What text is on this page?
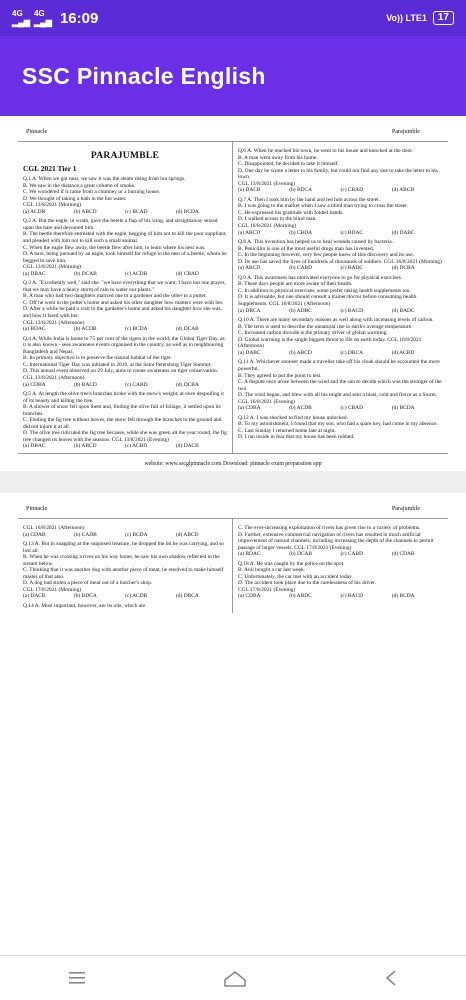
4G
▂▄▆
4G
▂▄▆ 16:09	Vo)) LTE1	17
SSC Pinnacle English
Pinnacle	Parajumble
PARAJUMBLE
CGL 2021 Tier 1

Q.1 A. When we got near, we saw it was the steam rising from hot springs.

B. We saw in the distance a great column of smoke.

C. We wondered if it came from a chimney or a burning house.

D. We thought of taking a bath in the hot water.

CGL 13/8/2021 (Morning)

(a) ACDB	(b) ABCD	(c) BCAD	(d) BCDA

Q.2 A. But the eagle, in wrath, gave the beetle a flap of his wing, and straightaway seized upon the hare and devoured him.

B. The beetle therefore entreated with the eagle, begging of him not to kill the poor suppliant, and pleaded with him not to kill such a small animal.

C. When the eagle flew away, the beetle flew after him, to learn where his nest was.

D. A hare, being pursued by an eagle, took himself for refuge to the nest of a beetle, whom he begged to save him.

CGL 13/8/2021 (Morning)

(a) DBAC	(b) DCAB	(c) ACDB	(d) CBAD

Q.3 A. "Excellently well," said she. "we have everything that we want; I have but one prayer, that we may have a heavy storm of rain to water our plants."

B. A man who had two daughters married one to a gardener and the other to a potter.

C. Off he went to the potter's home and asked his other daughter how matters were with her.

D. After a while he paid a visit to the gardener's home and asked his daughter how she was, and how it fared with her.

CGL 13/8/2021 (Afternoon)

(a) BDAC	(b) ACDB	(c) BCDA	(d) DCAB

Q.4 A. While India is home to 75 per cent of the tigers in the world, the Global Tiger Day, as it is also known - sees awareness events organised in the country, as well as in neighbouring Bangladesh and Nepal.

B. Its primary objective is to preserve the natural habitat of the tiger.

C. International Tiger Day was initiated in 2010, at the Saint Petersburg Tiger Summit.

D. This annual event observed on 29 July, aims to create awareness on tiger conservation. CGL 13/8/2021 (Afternoon)

(a) CDBA	(b) BACD	(c) CABD	(d) DCBA

Q.5 A. At length the olive tree's branches broke with the snow's weight, at once despoiling it of its beauty and killing the tree.

B. A shower of snow fell upon them and, finding the olive full of foliage, it settled upon its branches.

C. Finding the fig tree without leaves, the snow fell through the branches to the ground and did not injure it at all.

D. The olive tree ridiculed the fig tree because, while she was green all the year round, the fig tree changed its leaves with the seasons. CGL 13/8/2021 (Evening)

(a) DBAC	(b) ABCD	(c) ACBD	(d) DACB

Q.6 A. When he reached his town, he went to his house and knocked at the door.

B. A man went away from his home.

C. Disappointed, he decided to take it himself.

D. One day he wrote a letter to his family, but could not find any one to take the letter to his town.

CGL 13/8/2021 (Evening)

(a) DACB	(b) BDCA	(c) CBAD	(d) ABCD

Q.7 A. Then I took him by the hand and led him across the street.

B. I was going to the market when I saw a blind man trying to cross the street.

C. He expressed his gratitude with folded hands.

D. I walked across to the blind man.

CGL 16/8/2021 (Morning)

(a) ABCD	(b) CBDA	(c) BDAC	(d) DABC

Q.8 A. This invention has helped us to heal wounds caused by bacteria.

B. Penicillin is one of the most useful drugs man has invented.

C. In the beginning however, very few people knew of this discovery and its use.

D. Its use has saved the lives of hundreds of thousands of soldiers. CGL 16/8/2021 (Morning)

(a) ABCD	(b) CABD	(c) BADC	(d) DCBA

Q.9 A. This awareness has motivated everyone to go for physical exercises.

B. These days people are more aware of their health.

C. In addition to physical exercises, some prefer taking health supplements too.

D. It is advisable, but one should consult a trainer/doctor before consuming health Supplements. CGL 16/8/2021 (Afternoon)

(a) DBCA	(b) ADBC	(c) BACD	(d) BADC

Q.10 A. There are many secondary reasons as well along with increasing levels of carbon.

B. The term is used to describe the unnatural rise in earth's average temperature.

C. Increased carbon dioxide is the primary driver of global warming.

D. Global warming is the single biggest threat to life on earth today. CGL 16/8/2021 (Afternoon)

(a) DABC	(b) ABCD	(c) DBCA	(d) ACBD

Q.11 A. Whichever sooneer made a traveller take off his cloak should be accounted the more powerful.

B. They agreed to put the point to test.

C. A dispute once arose between the wind and the sun to decide which was the stronger of the two.

D. The wind began, and blew with all his might and sent a blast, cold and fierce as a Storm. CGL 16/8/2021 (Evening)

(a) CDBA	(b) ACDB	(c) CBAD	(d) BCDA

Q.12 A. I was shocked to find my house unlocked.

B. To my astonishment, I found that my son, who had a spare key, had come in my absence.

C. Last Sunday I returned home late at night.

D. I ran inside in fear that my house has been robbed.

website: www.sscglpinnacle.com Download: pinnacle exam preparation app
Pinnacle	Parajumble

CGL 16/8/2021 (Afternoon)

(a) CDAB	(b) CADB	(c) BCDA	(d) ABCD

Q.13 A. But in snapping at the supposed treasure, he dropped the bit he was carrying, and so lost all.

B. When he was crossing a river on his way home, he saw his own shadow reflected in the stream below.

C. Thinking that it was another dog with another piece of meat, he resolved to make himself master of that also.

D. A dog had stolen a piece of meat out of a butcher's shop.

CGL 17/8/2021 (Morning)

(a) DACB	(b) BDCA	(c) ACDB	(d) DBCA

Q.14 A. Most important, however, are its oils, which are

C. The ever-increasing exploitation of rivers has given rise to a variety of problems.

D. Further, extensive commercial navigation of rivers has resulted in much artificial improvement of natural channels, including increasing the depth of the channels to permit passage of larger vessels. CGL 17/8/2021 (Evening)

(a) BDAC	(b) DCAB	(c) CABD	(d) CDAB

Q.18 A. He was caught by the police on the spot.

B. Anil bought a car last week.

C. Unfortunately, the car met with an accident today.

D. The accident took place due to the carelessness of his driver.

CGL 17/8/2021 (Evening)

(a) CDBA	(b) ABDC	(c) BACD	(d) BCDA
